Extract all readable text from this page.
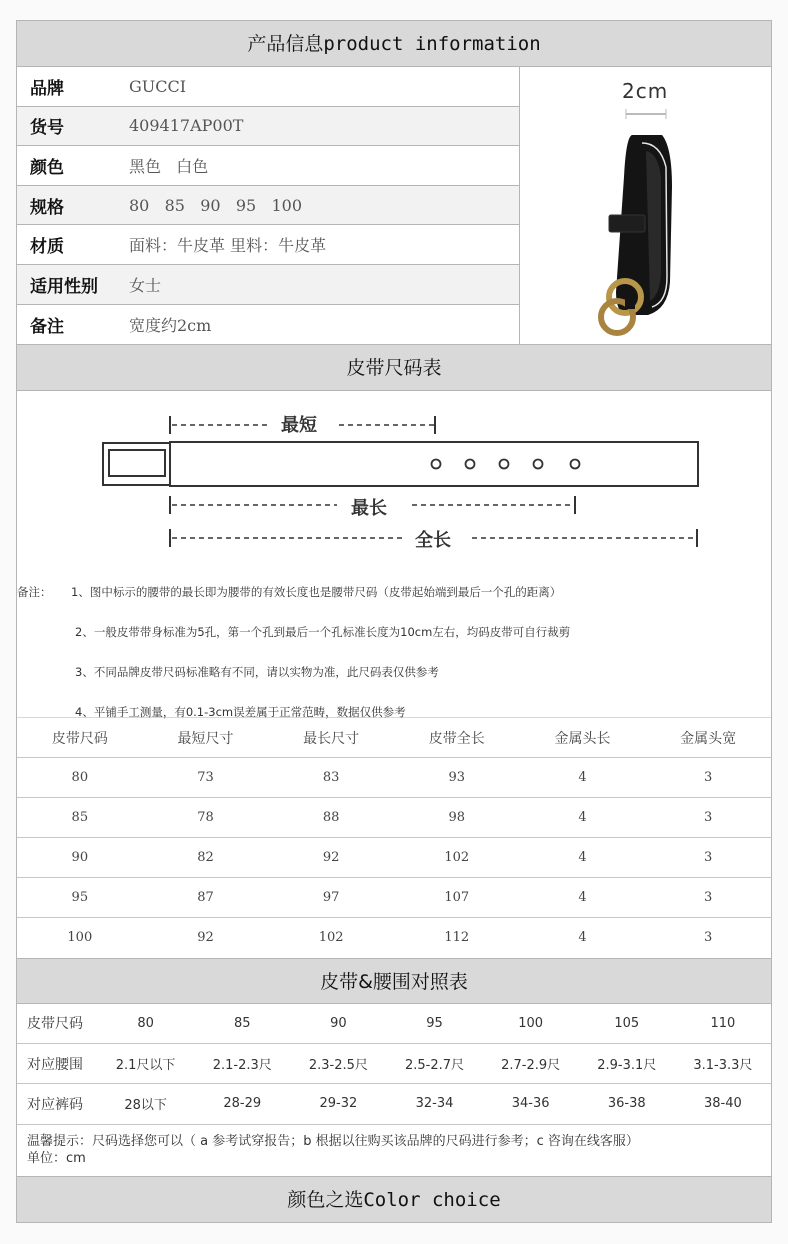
产品信息product information
品牌	GUCCI
货号	409417AP00T
颜色	黑色   白色
规格	80   85   90   95   100
材质	面料：牛皮革 里料：牛皮革
适用性别	女士
备注	宽度约2cm
2cm
皮带尺码表
最短
最长
全长
备注： 1、图中标示的腰带的最长即为腰带的有效长度也是腰带尺码（皮带起始端到最后一个孔的距离）
2、一般皮带带身标准为5孔，第一个孔到最后一个孔标准长度为10cm左右，均码皮带可自行裁剪
3、不同品牌皮带尺码标准略有不同，请以实物为准，此尺码表仅供参考
4、平铺手工测量，有0.1-3cm误差属于正常范畴，数据仅供参考
皮带尺码	最短尺寸	最长尺寸	皮带全长	金属头长	金属头宽
80	73	83	93	4	3
85	78	88	98	4	3
90	82	92	102	4	3
95	87	97	107	4	3
100	92	102	112	4	3
皮带&腰围对照表
皮带尺码	80	85	90	95	100	105	110
对应腰围	2.1尺以下	2.1-2.3尺	2.3-2.5尺	2.5-2.7尺	2.7-2.9尺	2.9-3.1尺	3.1-3.3尺
对应裤码	28以下	28-29	29-32	32-34	34-36	36-38	38-40
温馨提示：尺码选择您可以（ a 参考试穿报告；b 根据以往购买该品牌的尺码进行参考；c 咨询在线客服）
单位：cm
颜色之选Color choice
